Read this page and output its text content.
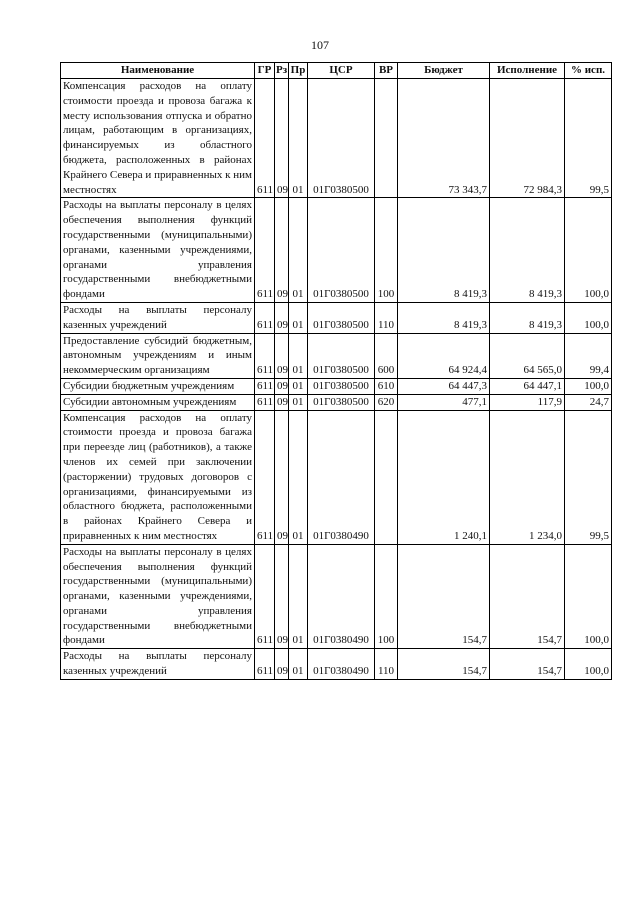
107
Наименование	ГР	Рз	Пр	ЦСР	ВР	Бюджет	Исполнение	% исп.
Компенсация расходов на оплату стоимости проезда и провоза багажа к месту использования отпуска и обратно лицам, работающим в организациях, финансируемых из областного бюджета, расположенных в районах Крайнего Севера и приравненных к ним местностях	611	09	01	01Г0380500		73 343,7	72 984,3	99,5
Расходы на выплаты персоналу в целях обеспечения выполнения функций государственными (муниципальными) органами, казенными учреждениями, органами управления государственными внебюджетными фондами	611	09	01	01Г0380500	100	8 419,3	8 419,3	100,0
Расходы на выплаты персоналу казенных учреждений	611	09	01	01Г0380500	110	8 419,3	8 419,3	100,0
Предоставление субсидий бюджетным, автономным учреждениям и иным некоммерческим организациям	611	09	01	01Г0380500	600	64 924,4	64 565,0	99,4
Субсидии бюджетным учреждениям	611	09	01	01Г0380500	610	64 447,3	64 447,1	100,0
Субсидии автономным учреждениям	611	09	01	01Г0380500	620	477,1	117,9	24,7
Компенсация расходов на оплату стоимости проезда и провоза багажа при переезде лиц (работников), а также членов их семей при заключении (расторжении) трудовых договоров с организациями, финансируемыми из областного бюджета, расположенными в районах Крайнего Севера и приравненных к ним местностях	611	09	01	01Г0380490		1 240,1	1 234,0	99,5
Расходы на выплаты персоналу в целях обеспечения выполнения функций государственными (муниципальными) органами, казенными учреждениями, органами управления государственными внебюджетными фондами	611	09	01	01Г0380490	100	154,7	154,7	100,0
Расходы на выплаты персоналу казенных учреждений	611	09	01	01Г0380490	110	154,7	154,7	100,0
